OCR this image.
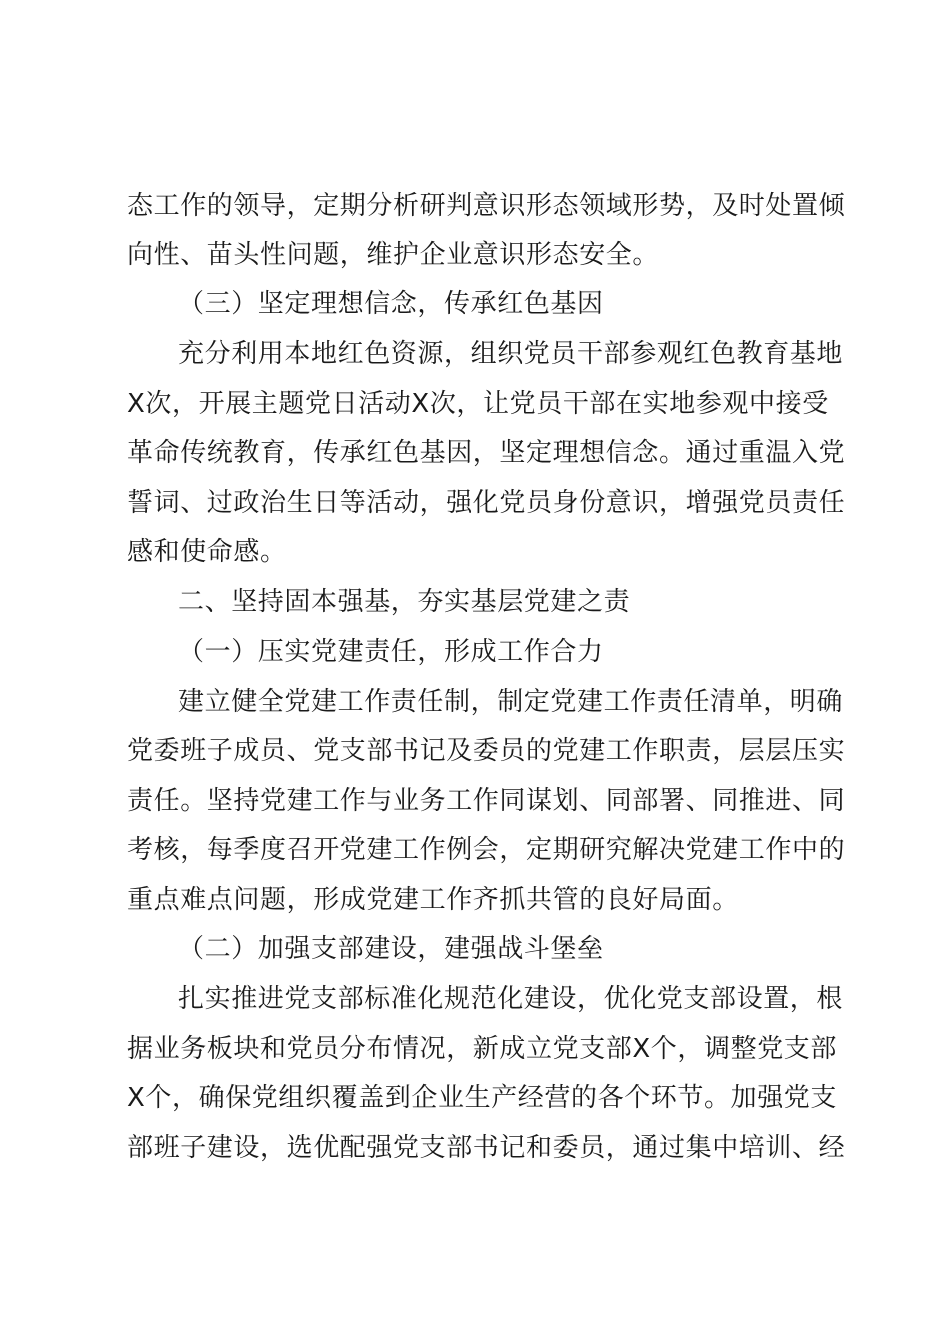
态工作的领导，定期分析研判意识形态领域形势，及时处置倾
向性、苗头性问题，维护企业意识形态安全。
（三）坚定理想信念，传承红色基因
充分利用本地红色资源，组织党员干部参观红色教育基地
X次，开展主题党日活动X次，让党员干部在实地参观中接受
革命传统教育，传承红色基因，坚定理想信念。通过重温入党
誓词、过政治生日等活动，强化党员身份意识，增强党员责任
感和使命感。
二、坚持固本强基，夯实基层党建之责
（一）压实党建责任，形成工作合力
建立健全党建工作责任制，制定党建工作责任清单，明确
党委班子成员、党支部书记及委员的党建工作职责，层层压实
责任。坚持党建工作与业务工作同谋划、同部署、同推进、同
考核，每季度召开党建工作例会，定期研究解决党建工作中的
重点难点问题，形成党建工作齐抓共管的良好局面。
（二）加强支部建设，建强战斗堡垒
扎实推进党支部标准化规范化建设，优化党支部设置，根
据业务板块和党员分布情况，新成立党支部X个，调整党支部
X个，确保党组织覆盖到企业生产经营的各个环节。加强党支
部班子建设，选优配强党支部书记和委员，通过集中培训、经
